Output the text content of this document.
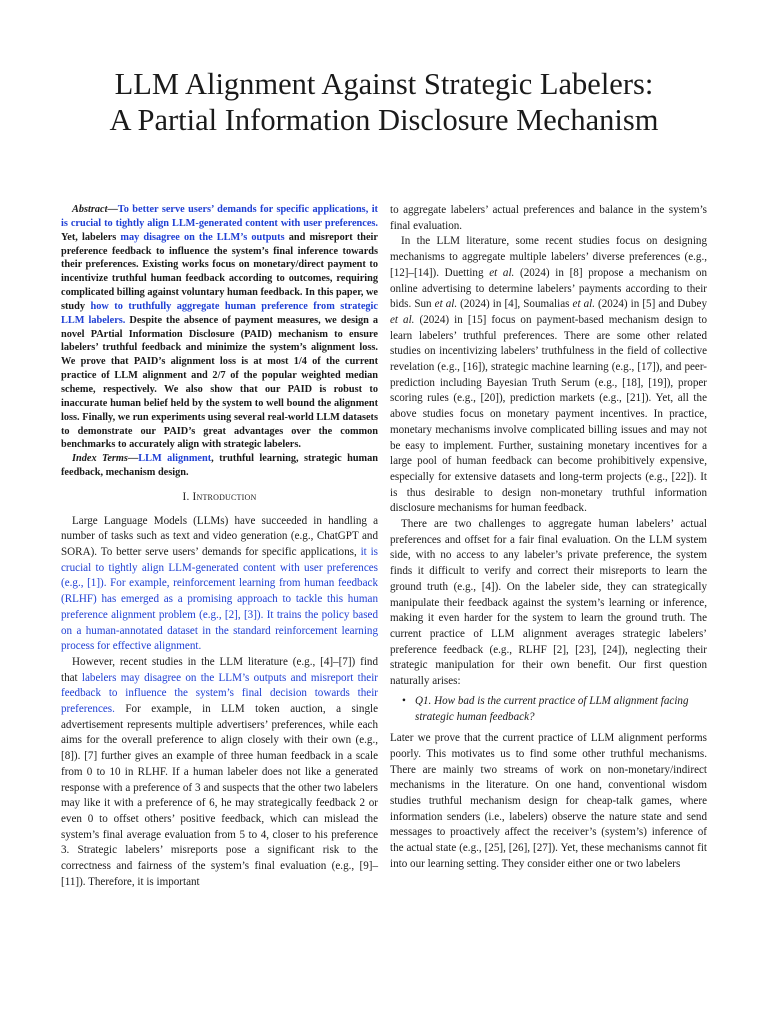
LLM Alignment Against Strategic Labelers:
A Partial Information Disclosure Mechanism

Abstract—To better serve users’ demands for specific applications, it is crucial to tightly align LLM-generated content with user preferences. Yet, labelers may disagree on the LLM’s outputs and misreport their preference feedback to influence the system’s final inference towards their preferences. Existing works focus on monetary/direct payment to incentivize truthful human feedback according to outcomes, requiring complicated billing against voluntary human feedback. In this paper, we study how to truthfully aggregate human preference from strategic LLM labelers. Despite the absence of payment measures, we design a novel PArtial Information Disclosure (PAID) mechanism to ensure labelers’ truthful feedback and minimize the system’s alignment loss. We prove that PAID’s alignment loss is at most 1/4 of the current practice of LLM alignment and 2/7 of the popular weighted median scheme, respectively. We also show that our PAID is robust to inaccurate human belief held by the system to well bound the alignment loss. Finally, we run experiments using several real-world LLM datasets to demonstrate our PAID’s great advantages over the common benchmarks to accurately align with strategic labelers.

Index Terms—LLM alignment, truthful learning, strategic human feedback, mechanism design.

I. Introduction

Large Language Models (LLMs) have succeeded in handling a number of tasks such as text and video generation (e.g., ChatGPT and SORA). To better serve users’ demands for specific applications, it is crucial to tightly align LLM-generated content with user preferences (e.g., [1]). For example, reinforcement learning from human feedback (RLHF) has emerged as a promising approach to tackle this human preference alignment problem (e.g., [2], [3]). It trains the policy based on a human-annotated dataset in the standard reinforcement learning process for effective alignment.

However, recent studies in the LLM literature (e.g., [4]–[7]) find that labelers may disagree on the LLM’s outputs and misreport their feedback to influence the system’s final decision towards their preferences. For example, in LLM token auction, a single advertisement represents multiple advertisers’ preferences, while each aims for the overall preference to align closely with their own (e.g., [8]). [7] further gives an example of three human feedback in a scale from 0 to 10 in RLHF. If a human labeler does not like a generated response with a preference of 3 and suspects that the other two labelers may like it with a preference of 6, he may strategically feedback 2 or even 0 to offset others’ positive feedback, which can mislead the system’s final average evaluation from 5 to 4, closer to his preference 3. Strategic labelers’ misreports pose a significant risk to the correctness and fairness of the system’s final evaluation (e.g., [9]–[11]). Therefore, it is important

to aggregate labelers’ actual preferences and balance in the system’s final evaluation.

In the LLM literature, some recent studies focus on designing mechanisms to aggregate multiple labelers’ diverse preferences (e.g., [12]–[14]). Duetting et al. (2024) in [8] propose a mechanism on online advertising to determine labelers’ payments according to their bids. Sun et al. (2024) in [4], Soumalias et al. (2024) in [5] and Dubey et al. (2024) in [15] focus on payment-based mechanism design to learn labelers’ truthful preferences. There are some other related studies on incentivizing labelers’ truthfulness in the field of collective revelation (e.g., [16]), strategic machine learning (e.g., [17]), and peer-prediction including Bayesian Truth Serum (e.g., [18], [19]), proper scoring rules (e.g., [20]), prediction markets (e.g., [21]). Yet, all the above studies focus on monetary payment incentives. In practice, monetary mechanisms involve complicated billing issues and may not be easy to implement. Further, sustaining monetary incentives for a large pool of human feedback can become prohibitively expensive, especially for extensive datasets and long-term projects (e.g., [22]). It is thus desirable to design non-monetary truthful information disclosure mechanisms for human feedback.

There are two challenges to aggregate human labelers’ actual preferences and offset for a fair final evaluation. On the LLM system side, with no access to any labeler’s private preference, the system finds it difficult to verify and correct their misreports to learn the ground truth (e.g., [4]). On the labeler side, they can strategically manipulate their feedback against the system’s learning or inference, making it even harder for the system to learn the ground truth. The current practice of LLM alignment averages strategic labelers’ preference feedback (e.g., RLHF [2], [23], [24]), neglecting their strategic manipulation for their own benefit. Our first question naturally arises:

• Q1. How bad is the current practice of LLM alignment facing strategic human feedback?

Later we prove that the current practice of LLM alignment performs poorly. This motivates us to find some other truthful mechanisms. There are mainly two streams of work on non-monetary/indirect mechanisms in the literature. On one hand, conventional wisdom studies truthful mechanism design for cheap-talk games, where information senders (i.e., labelers) observe the nature state and send messages to proactively affect the receiver’s (system’s) inference of the actual state (e.g., [25], [26], [27]). Yet, these mechanisms cannot fit into our learning setting. They consider either one or two labelers
